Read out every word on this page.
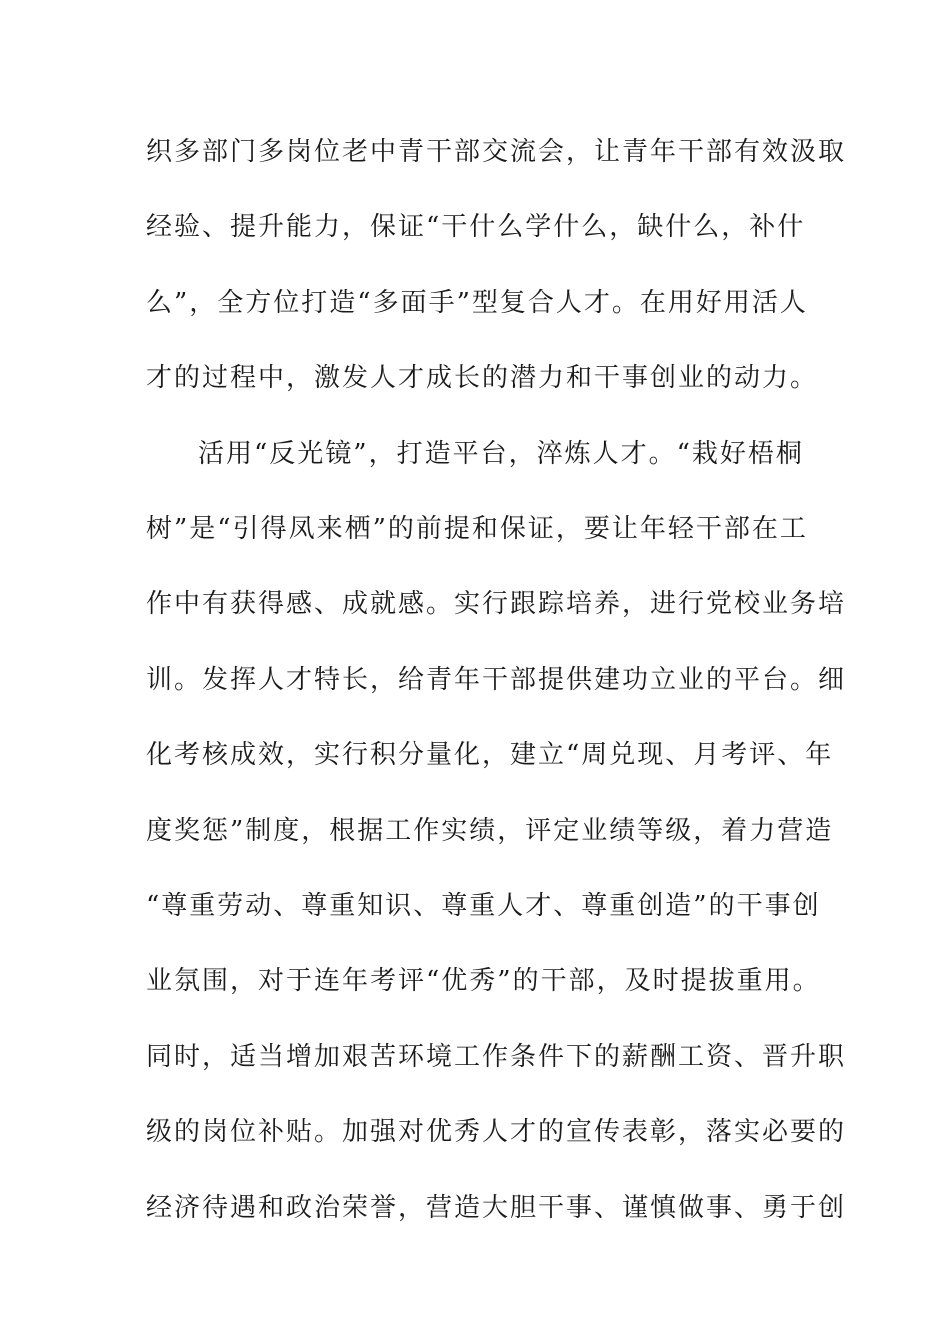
织多部门多岗位老中青干部交流会，让青年干部有效汲取
经验、提升能力，保证“干什么学什么，缺什么，补什
么”，全方位打造“多面手”型复合人才。在用好用活人
才的过程中，激发人才成长的潜力和干事创业的动力。
活用“反光镜”，打造平台，淬炼人才。“栽好梧桐
树”是“引得凤来栖”的前提和保证，要让年轻干部在工
作中有获得感、成就感。实行跟踪培养，进行党校业务培
训。发挥人才特长，给青年干部提供建功立业的平台。细
化考核成效，实行积分量化，建立“周兑现、月考评、年
度奖惩”制度，根据工作实绩，评定业绩等级，着力营造
“尊重劳动、尊重知识、尊重人才、尊重创造”的干事创
业氛围，对于连年考评“优秀”的干部，及时提拔重用。
同时，适当增加艰苦环境工作条件下的薪酬工资、晋升职
级的岗位补贴。加强对优秀人才的宣传表彰，落实必要的
经济待遇和政治荣誉，营造大胆干事、谨慎做事、勇于创
